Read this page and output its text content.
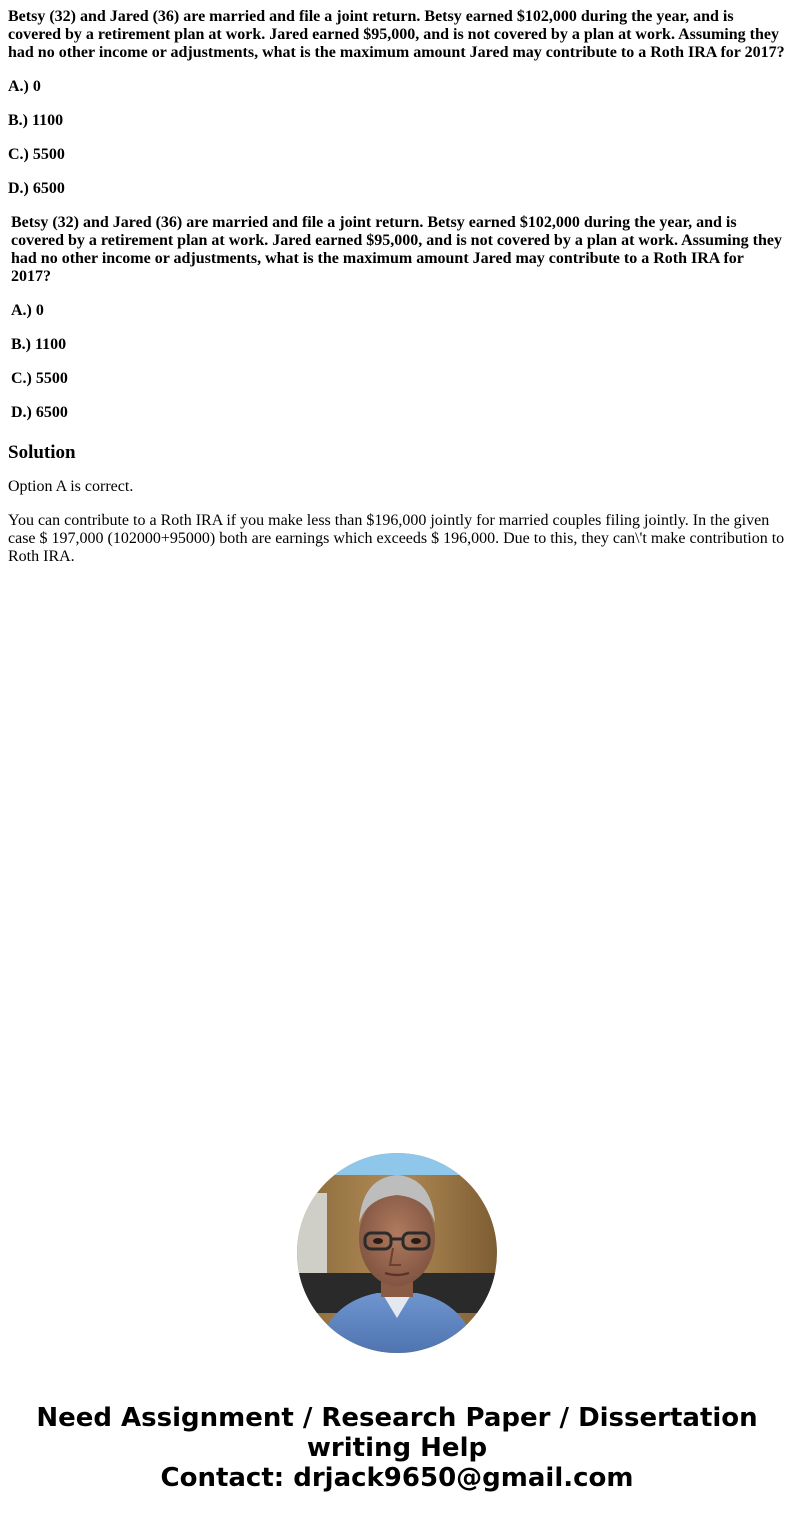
Betsy (32) and Jared (36) are married and file a joint return. Betsy earned $102,000 during the year, and is covered by a retirement plan at work. Jared earned $95,000, and is not covered by a plan at work. Assuming they had no other income or adjustments, what is the maximum amount Jared may contribute to a Roth IRA for 2017?

A.) 0

B.) 1100

C.) 5500

D.) 6500

Betsy (32) and Jared (36) are married and file a joint return. Betsy earned $102,000 during the year, and is covered by a retirement plan at work. Jared earned $95,000, and is not covered by a plan at work. Assuming they had no other income or adjustments, what is the maximum amount Jared may contribute to a Roth IRA for 2017?

A.) 0

B.) 1100

C.) 5500

D.) 6500

Solution

Option A is correct.

You can contribute to a Roth IRA if you make less than $196,000 jointly for married couples filing jointly. In the given case $ 197,000 (102000+95000) both are earnings which exceeds $ 196,000. Due to this, they can\'t make contribution to Roth IRA.

Need Assignment / Research Paper / Dissertation
writing Help
Contact: drjack9650@gmail.com
